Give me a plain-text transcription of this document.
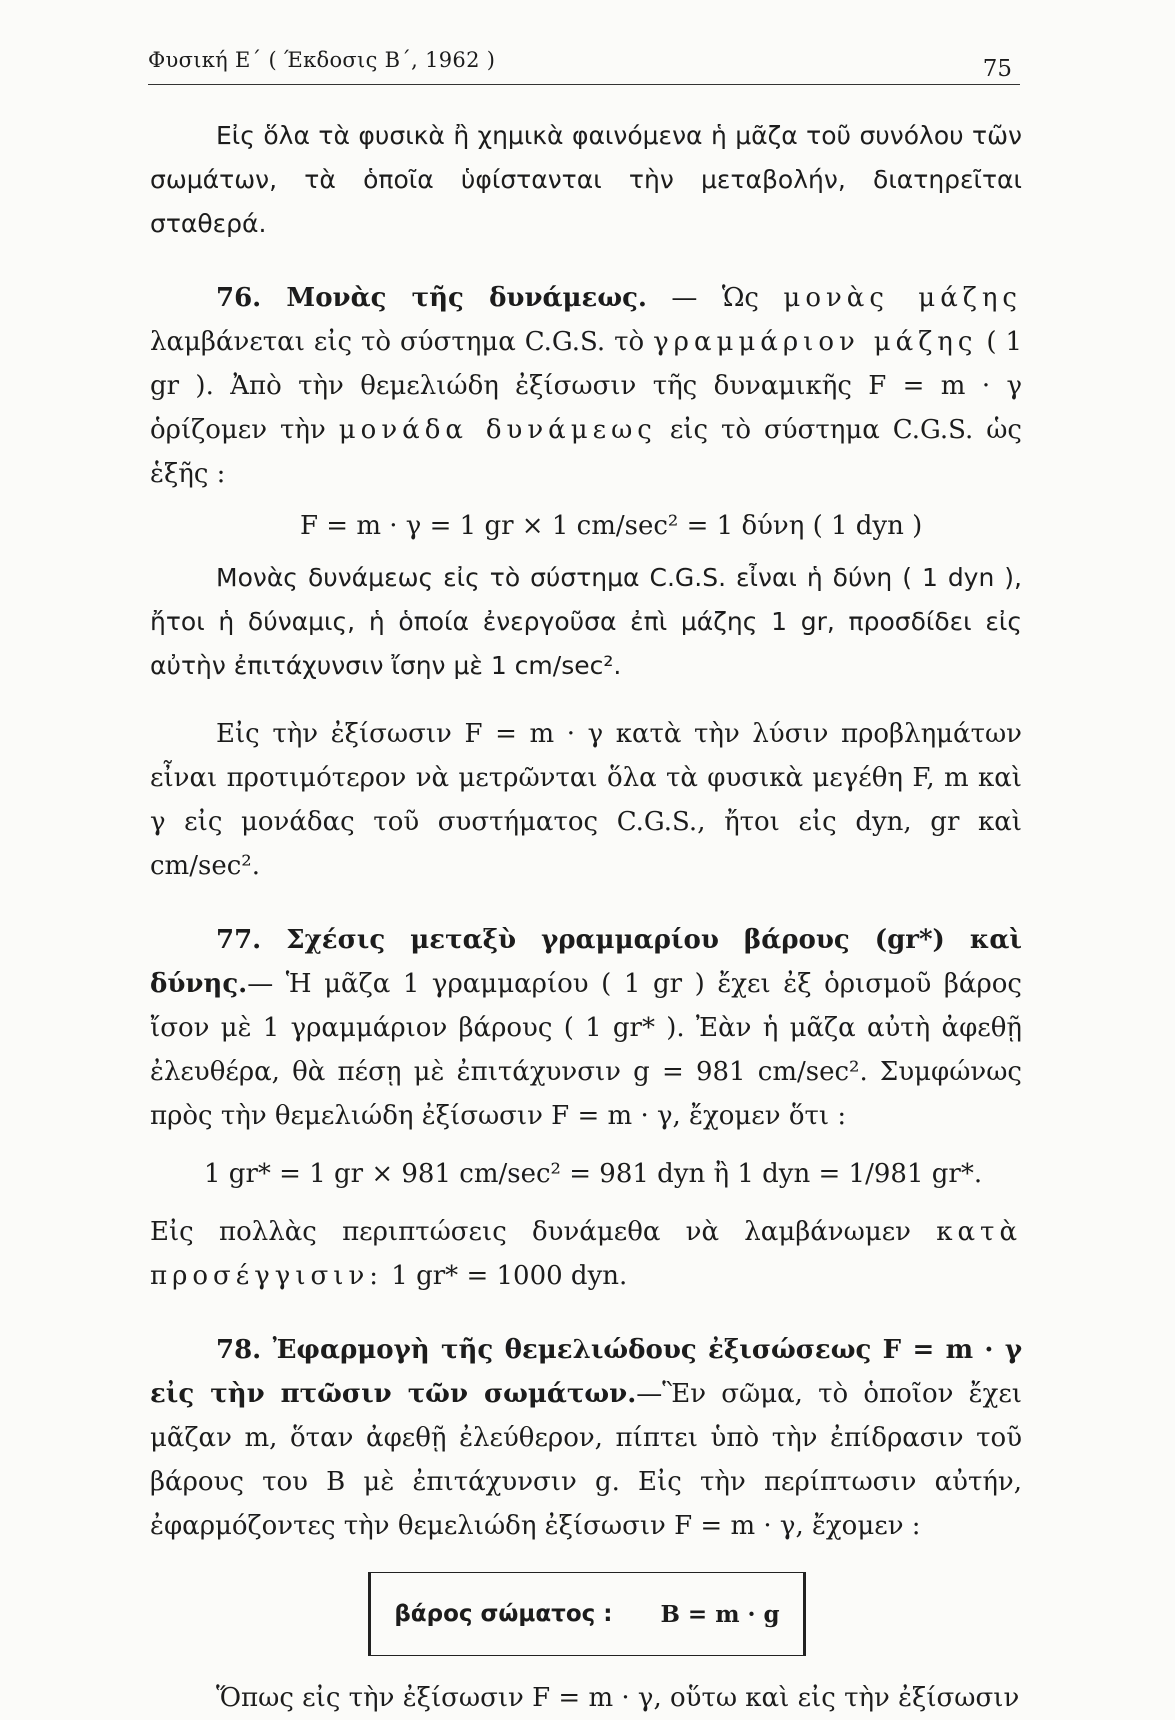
Φυσική Ε΄ ( Έκδοσις Β΄, 1962 )	75

Εἰς ὅλα τὰ φυσικὰ ἢ χημικὰ φαινόμενα ἡ μᾶζα τοῦ συνόλου τῶν σωμάτων, τὰ ὁποῖα ὑφίστανται τὴν μεταβολήν, διατηρεῖται σταθερά.

76. Μονὰς τῆς δυνάμεως. — Ὡς μονὰς μάζης λαμβάνεται εἰς τὸ σύστημα C.G.S. τὸ γραμμάριον μάζης ( 1 gr ). Ἀπὸ τὴν θεμελιώδη ἐξίσωσιν τῆς δυναμικῆς F = m · γ ὁρίζομεν τὴν μονάδα δυνάμεως εἰς τὸ σύστημα C.G.S. ὡς ἑξῆς :

F = m · γ = 1 gr × 1 cm/sec² = 1 δύνη ( 1 dyn )

Μονὰς δυνάμεως εἰς τὸ σύστημα C.G.S. εἶναι ἡ δύνη ( 1 dyn ), ἤτοι ἡ δύναμις, ἡ ὁποία ἐνεργοῦσα ἐπὶ μάζης 1 gr, προσδίδει εἰς αὐτὴν ἐπιτάχυνσιν ἴσην μὲ 1 cm/sec².

Εἰς τὴν ἐξίσωσιν F = m · γ κατὰ τὴν λύσιν προβλημάτων εἶναι προτιμότερον νὰ μετρῶνται ὅλα τὰ φυσικὰ μεγέθη F, m καὶ γ εἰς μονάδας τοῦ συστήματος C.G.S., ἤτοι εἰς dyn, gr καὶ cm/sec².

77. Σχέσις μεταξὺ γραμμαρίου βάρους (gr*) καὶ δύνης.— Ἡ μᾶζα 1 γραμμαρίου ( 1 gr ) ἔχει ἐξ ὁρισμοῦ βάρος ἴσον μὲ 1 γραμμάριον βάρους ( 1 gr* ). Ἐὰν ἡ μᾶζα αὐτὴ ἀφεθῇ ἐλευθέρα, θὰ πέσῃ μὲ ἐπιτάχυνσιν g = 981 cm/sec². Συμφώνως πρὸς τὴν θεμελιώδη ἐξίσωσιν F = m · γ, ἔχομεν ὅτι :

1 gr* = 1 gr × 981 cm/sec² = 981 dyn ἢ 1 dyn = 1/981 gr*.

Εἰς πολλὰς περιπτώσεις δυνάμεθα νὰ λαμβάνωμεν κατὰ προσέγγισιν: 1 gr* = 1000 dyn.

78. Ἐφαρμογὴ τῆς θεμελιώδους ἐξισώσεως F = m · γ εἰς τὴν πτῶσιν τῶν σωμάτων.—Ἓν σῶμα, τὸ ὁποῖον ἔχει μᾶζαν m, ὅταν ἀφεθῇ ἐλεύθερον, πίπτει ὑπὸ τὴν ἐπίδρασιν τοῦ βάρους του B μὲ ἐπιτάχυνσιν g. Εἰς τὴν περίπτωσιν αὐτήν, ἐφαρμόζοντες τὴν θεμελιώδη ἐξίσωσιν F = m · γ, ἔχομεν :

βάρος σώματος : B = m · g

Ὅπως εἰς τὴν ἐξίσωσιν F = m · γ, οὕτω καὶ εἰς τὴν ἐξίσωσιν
